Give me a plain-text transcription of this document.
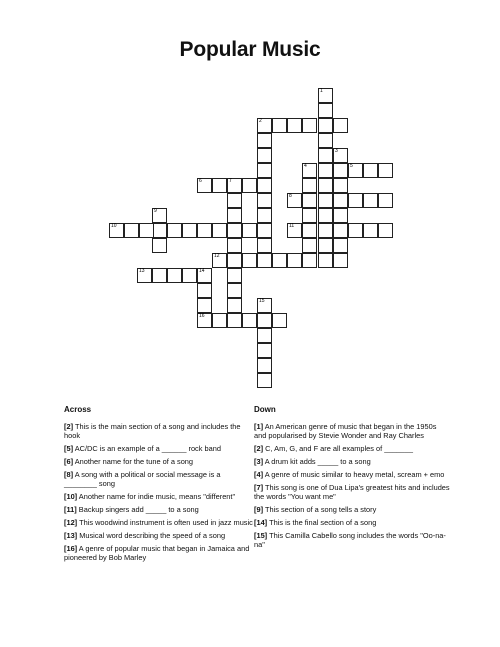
Popular Music
1
2
3
4	5
6	7
8
9
10	11
12
13	14
15
16
Across
[2] This is the main section of a song and includes the hook
[5] AC/DC is an example of a ______ rock band
[6] Another name for the tune of a song
[8] A song with a political or social message is a ________ song
[10] Another name for indie music, means "different"
[11] Backup singers add _____ to a song
[12] This woodwind instrument is often used in jazz music
[13] Musical word describing the speed of a song
[16] A genre of popular music that began in Jamaica and pioneered by Bob Marley
Down
[1] An American genre of music that began in the 1950s and popularised by Stevie Wonder and Ray Charles
[2] C, Am, G, and F are all examples of _______
[3] A drum kit adds _____ to a song
[4] A genre of music similar to heavy metal, scream + emo
[7] This song is one of Dua Lipa's greatest hits and includes the words "You want me"
[9] This section of a song tells a story
[14] This is the final section of a song
[15] This Camilla Cabello song includes the words "Oo-na-na"
